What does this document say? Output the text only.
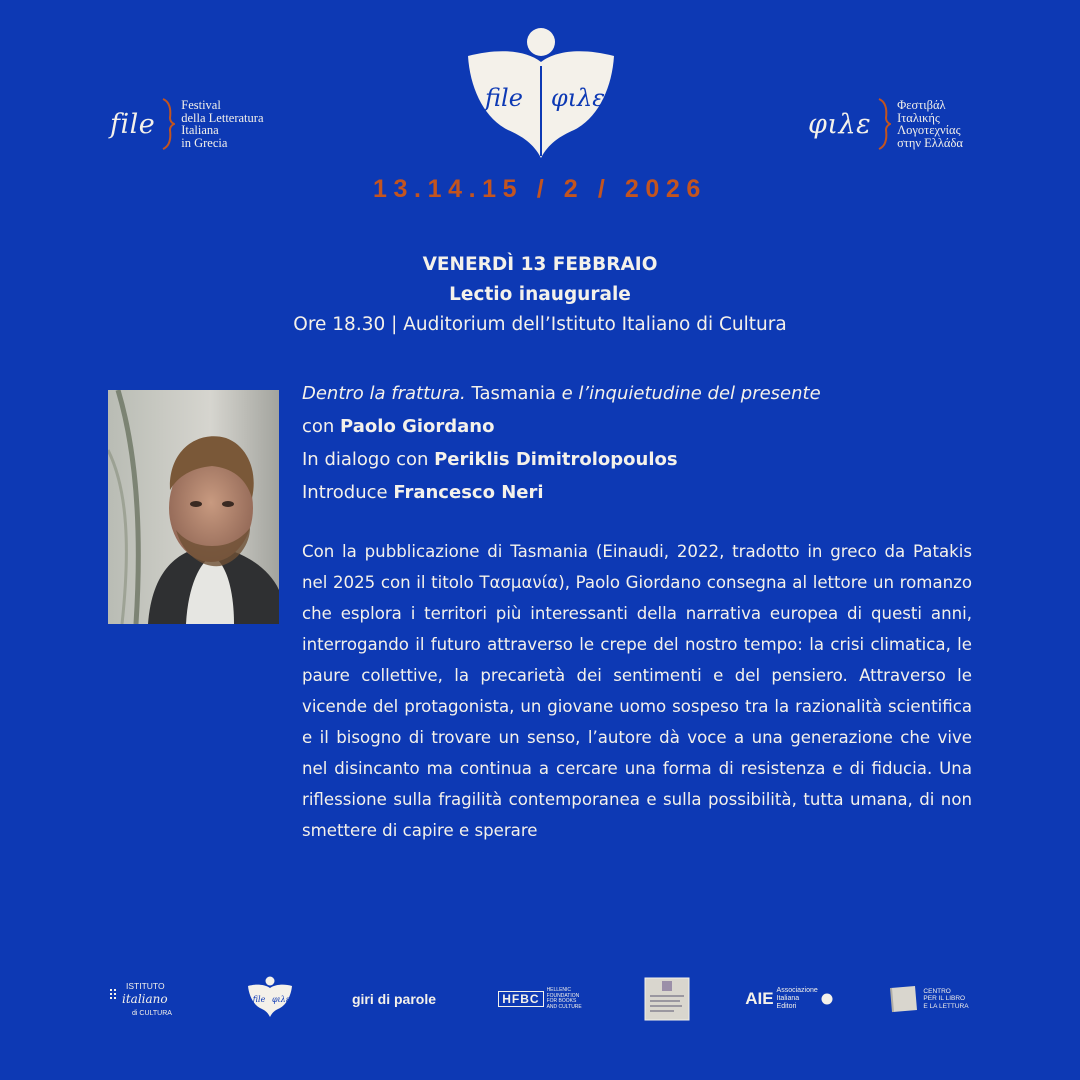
file
Festival
della Letteratura
Italiana
in Grecia
file φιλε
φιλε
Φεστιβάλ
Ιταλικής
Λογοτεχνίας
στην Ελλάδα
13.14.15 / 2 / 2026
VENERDÌ 13 FEBBRAIO
Lectio inaugurale
Ore 18.30 | Auditorium dell’Istituto Italiano di Cultura
Dentro la frattura. Tasmania e l’inquietudine del presente
con Paolo Giordano
In dialogo con Periklis Dimitrolopoulos
Introduce Francesco Neri
Con la pubblicazione di Tasmania (Einaudi, 2022, tradotto in greco da Patakis nel 2025 con il titolo Τασμανία), Paolo Giordano consegna al lettore un romanzo che esplora i territori più interessanti della narrativa europea di questi anni, interrogando il futuro attraverso le crepe del nostro tempo: la crisi climatica, le paure collettive, la precarietà dei sentimenti e del pensiero. Attraverso le vicende del protagonista, un giovane uomo sospeso tra la razionalità scientifica e il bisogno di trovare un senso, l’autore dà voce a una generazione che vive nel disincanto ma continua a cercare una forma di resistenza e di fiducia. Una riflessione sulla fragilità contemporanea e sulla possibilità, tutta umana, di non smettere di capire e sperare
ISTITUTO
italiano
di CULTURA
file φιλε	giri di parole	HFBC
HELLENIC
FOUNDATION
FOR BOOKS
AND CULTURE	AIE Associazione
Italiana
Editori
CENTRO
PER IL LIBRO
E LA LETTURA
